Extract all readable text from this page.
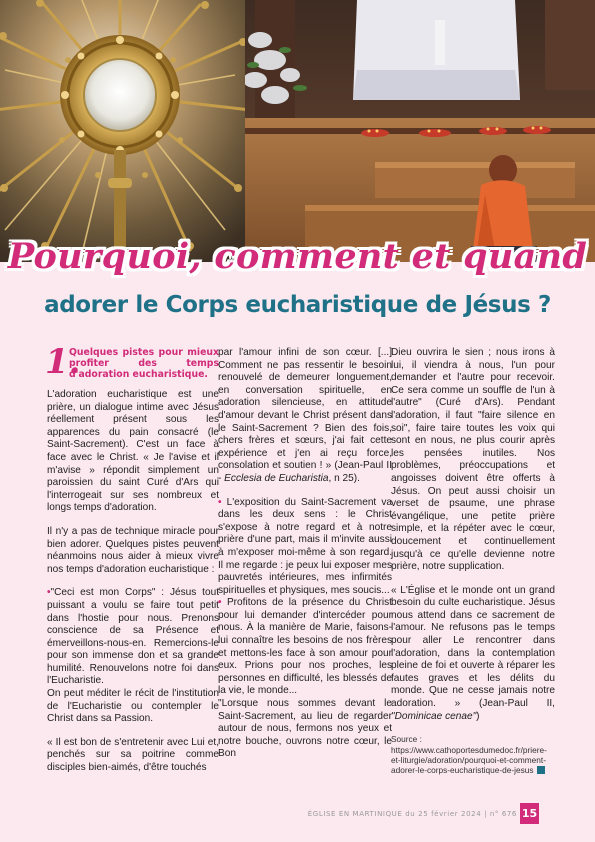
Pourquoi, comment et quand
adorer le Corps eucharistique de Jésus ?
1.
Quelques pistes pour mieux profiter des temps d'adoration eucharistique.

L'adoration eucharistique est une prière, un dialogue intime avec Jésus réellement présent sous les apparences du pain consacré (le Saint-Sacrement). C'est un face à face avec le Christ. « Je l'avise et il m'avise » répondit simplement un paroissien du saint Curé d'Ars qui l'interrogeait sur ses nombreux et longs temps d'adoration.

Il n'y a pas de technique miracle pour bien adorer. Quelques pistes peuvent néanmoins nous aider à mieux vivre nos temps d'adoration eucharistique :

•"Ceci est mon Corps" : Jésus tout puissant a voulu se faire tout petit dans l'hostie pour nous. Prenons conscience de sa Présence et émerveillons-nous-en. Remercions-le pour son immense don et sa grande humilité. Renouvelons notre foi dans l'Eucharistie.

On peut méditer le récit de l'institution de l'Eucharistie ou contempler le Christ dans sa Passion.

« Il est bon de s'entretenir avec Lui et, penchés sur sa poitrine comme disciples bien-aimés, d'être touchés

par l'amour infini de son cœur. [...] Comment ne pas ressentir le besoin renouvelé de demeurer longuement, en conversation spirituelle, en adoration silencieuse, en attitude d'amour devant le Christ présent dans le Saint-Sacrement ? Bien des fois, chers frères et sœurs, j'ai fait cette expérience et j'en ai reçu force, consolation et soutien ! » (Jean-Paul II - Ecclesia de Eucharistia, n 25).

• L'exposition du Saint-Sacrement va dans les deux sens : le Christ s'expose à notre regard et à notre prière d'une part, mais il m'invite aussi à m'exposer moi-même à son regard. Il me regarde : je peux lui exposer mes pauvretés intérieures, mes infirmités spirituelles et physiques, mes soucis...

• Profitons de la présence du Christ pour lui demander d'intercéder pour nous. À la manière de Marie, faisons-lui connaître les besoins de nos frères et mettons-les face à son amour pour eux. Prions pour nos proches, les personnes en difficulté, les blessés de la vie, le monde...

"Lorsque nous sommes devant le Saint-Sacrement, au lieu de regarder autour de nous, fermons nos yeux et notre bouche, ouvrons notre cœur, le Bon

Dieu ouvrira le sien ; nous irons à lui, il viendra à nous, l'un pour demander et l'autre pour recevoir. Ce sera comme un souffle de l'un à l'autre" (Curé d'Ars). Pendant l'adoration, il faut "faire silence en soi", faire taire toutes les voix qui sont en nous, ne plus courir après les pensées inutiles. Nos problèmes, préoccupations et angoisses doivent être offerts à Jésus. On peut aussi choisir un verset de psaume, une phrase évangélique, une petite prière simple, et la répéter avec le cœur, doucement et continuellement jusqu'à ce qu'elle devienne notre prière, notre supplication.

« L'Église et le monde ont un grand besoin du culte eucharistique. Jésus nous attend dans ce sacrement de l'amour. Ne refusons pas le temps pour aller Le rencontrer dans l'adoration, dans la contemplation pleine de foi et ouverte à réparer les fautes graves et les délits du monde. Que ne cesse jamais notre adoration. » (Jean-Paul II, "Dominicae cenae")

Source : https://www.cathoportesdumedoc.fr/priere-et-liturgie/adoration/pourquoi-et-comment-adorer-le-corps-eucharistique-de-jesus
ÉGLISE EN MARTINIQUE du 25 février 2024 | n° 676 15
